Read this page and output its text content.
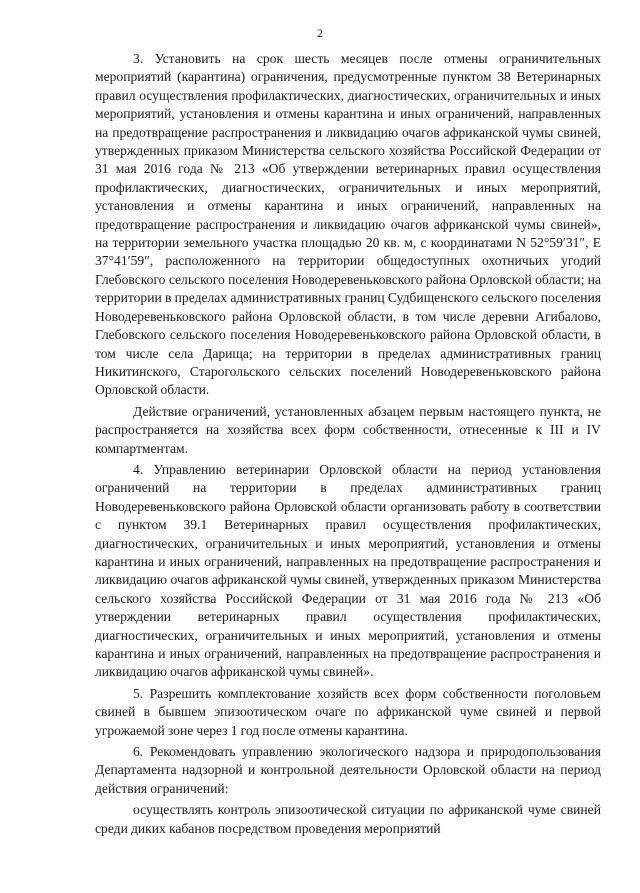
2

3. Установить на срок шесть месяцев после отмены ограничительных мероприятий (карантина) ограничения, предусмотренные пунктом 38 Ветеринарных правил осуществления профилактических, диагностических, ограничительных и иных мероприятий, установления и отмены карантина и иных ограничений, направленных на предотвращение распространения и ликвидацию очагов африканской чумы свиней, утвержденных приказом Министерства сельского хозяйства Российской Федерации от 31 мая 2016 года № 213 «Об утверждении ветеринарных правил осуществления профилактических, диагностических, ограничительных и иных мероприятий, установления и отмены карантина и иных ограничений, направленных на предотвращение распространения и ликвидацию очагов африканской чумы свиней», на территории земельного участка площадью 20 кв. м, с координатами N 52°59′31″, E 37°41′59″, расположенного на территории общедоступных охотничьих угодий Глебовского сельского поселения Новодеревеньковского района Орловской области; на территории в пределах административных границ Судбищенского сельского поселения Новодеревеньковского района Орловской области, в том числе деревни Агибалово, Глебовского сельского поселения Новодеревеньковского района Орловской области, в том числе села Дарища; на территории в пределах административных границ Никитинского, Старогольского сельских поселений Новодеревеньковского района Орловской области.

Действие ограничений, установленных абзацем первым настоящего пункта, не распространяется на хозяйства всех форм собственности, отнесенные к III и IV компартментам.

4. Управлению ветеринарии Орловской области на период установления ограничений на территории в пределах административных границ Новодеревеньковского района Орловской области организовать работу в соответствии с пунктом 39.1 Ветеринарных правил осуществления профилактических, диагностических, ограничительных и иных мероприятий, установления и отмены карантина и иных ограничений, направленных на предотвращение распространения и ликвидацию очагов африканской чумы свиней, утвержденных приказом Министерства сельского хозяйства Российской Федерации от 31 мая 2016 года № 213 «Об утверждении ветеринарных правил осуществления профилактических, диагностических, ограничительных и иных мероприятий, установления и отмены карантина и иных ограничений, направленных на предотвращение распространения и ликвидацию очагов африканской чумы свиней».

5. Разрешить комплектование хозяйств всех форм собственности поголовьем свиней в бывшем эпизоотическом очаге по африканской чуме свиней и первой угрожаемой зоне через 1 год после отмены карантина.

6. Рекомендовать управлению экологического надзора и природопользования Департамента надзорной и контрольной деятельности Орловской области на период действия ограничений:

осуществлять контроль эпизоотической ситуации по африканской чуме свиней среди диких кабанов посредством проведения мероприятий
